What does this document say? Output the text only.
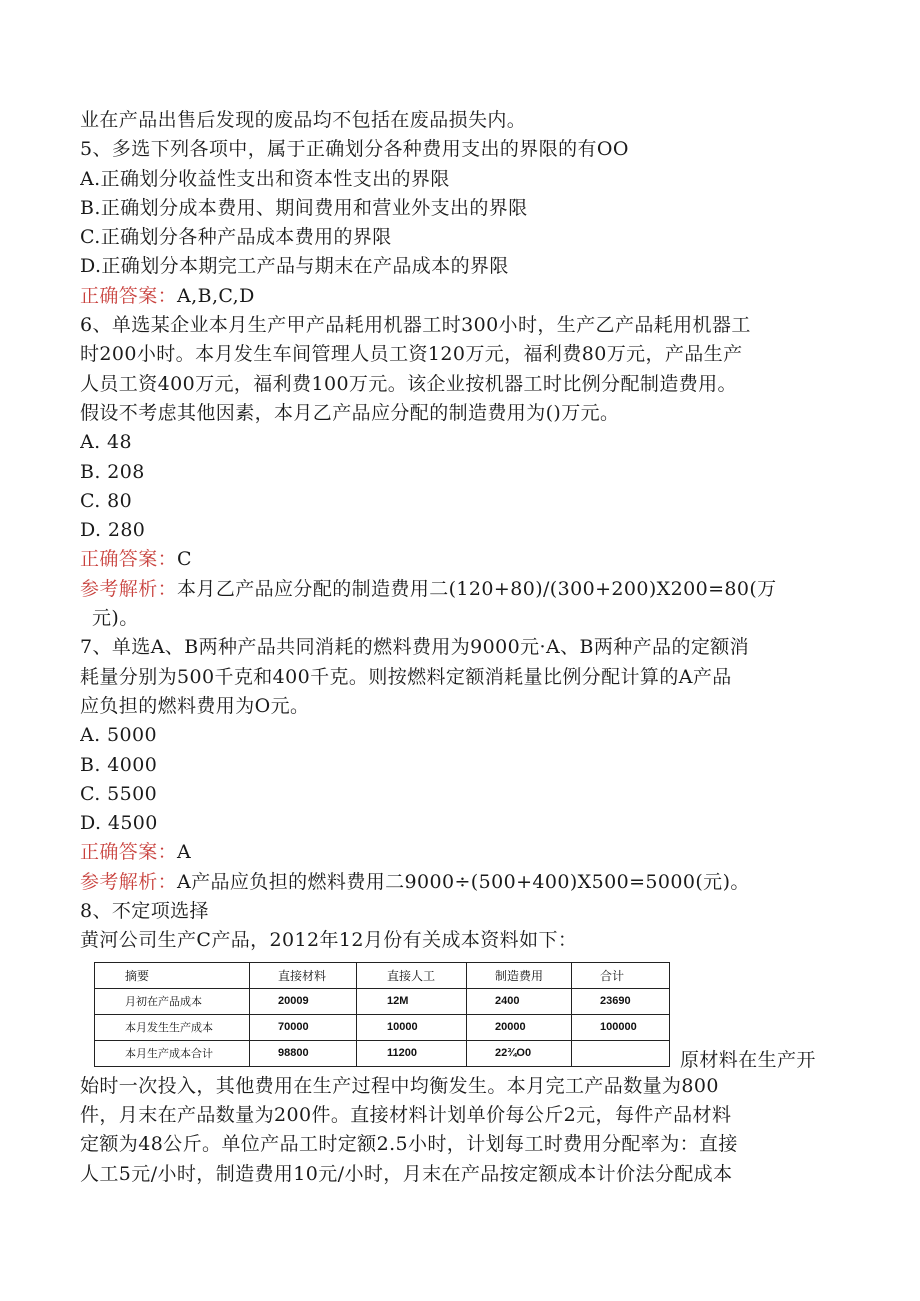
业在产品出售后发现的废品均不包括在废品损失内。
5、多选下列各项中，属于正确划分各种费用支出的界限的有OO
A.正确划分收益性支出和资本性支出的界限
B.正确划分成本费用、期间费用和营业外支出的界限
C.正确划分各种产品成本费用的界限
D.正确划分本期完工产品与期末在产品成本的界限
正确答案：A,B,C,D
6、单选某企业本月生产甲产品耗用机器工时300小时，生产乙产品耗用机器工
时200小时。本月发生车间管理人员工资120万元，福利费80万元，产品生产
人员工资400万元，福利费100万元。该企业按机器工时比例分配制造费用。
假设不考虑其他因素，本月乙产品应分配的制造费用为()万元。
A. 48
B. 208
C. 80
D. 280
正确答案：C
参考解析：本月乙产品应分配的制造费用二(120+80)/(300+200)X200=80(万
元)。
7、单选A、B两种产品共同消耗的燃料费用为9000元·A、B两种产品的定额消
耗量分别为500千克和400千克。则按燃料定额消耗量比例分配计算的A产品
应负担的燃料费用为O元。
A. 5000
B. 4000
C. 5500
D. 4500
正确答案：A
参考解析：A产品应负担的燃料费用二9000÷(500+400)X500=5000(元)。
8、不定项选择
黄河公司生产C产品，2012年12月份有关成本资料如下：
摘要	直接材料	直接人工	制造费用	合计
月初在产品成本	20009	12M	2400	23690
本月发生生产成本	70000	10000	20000	100000
本月生产成本合计	98800	11200	22¾O0		原材料在生产开
始时一次投入，其他费用在生产过程中均衡发生。本月完工产品数量为800
件，月末在产品数量为200件。直接材料计划单价每公斤2元，每件产品材料
定额为48公斤。单位产品工时定额2.5小时，计划每工时费用分配率为：直接
人工5元/小时，制造费用10元/小时，月末在产品按定额成本计价法分配成本
